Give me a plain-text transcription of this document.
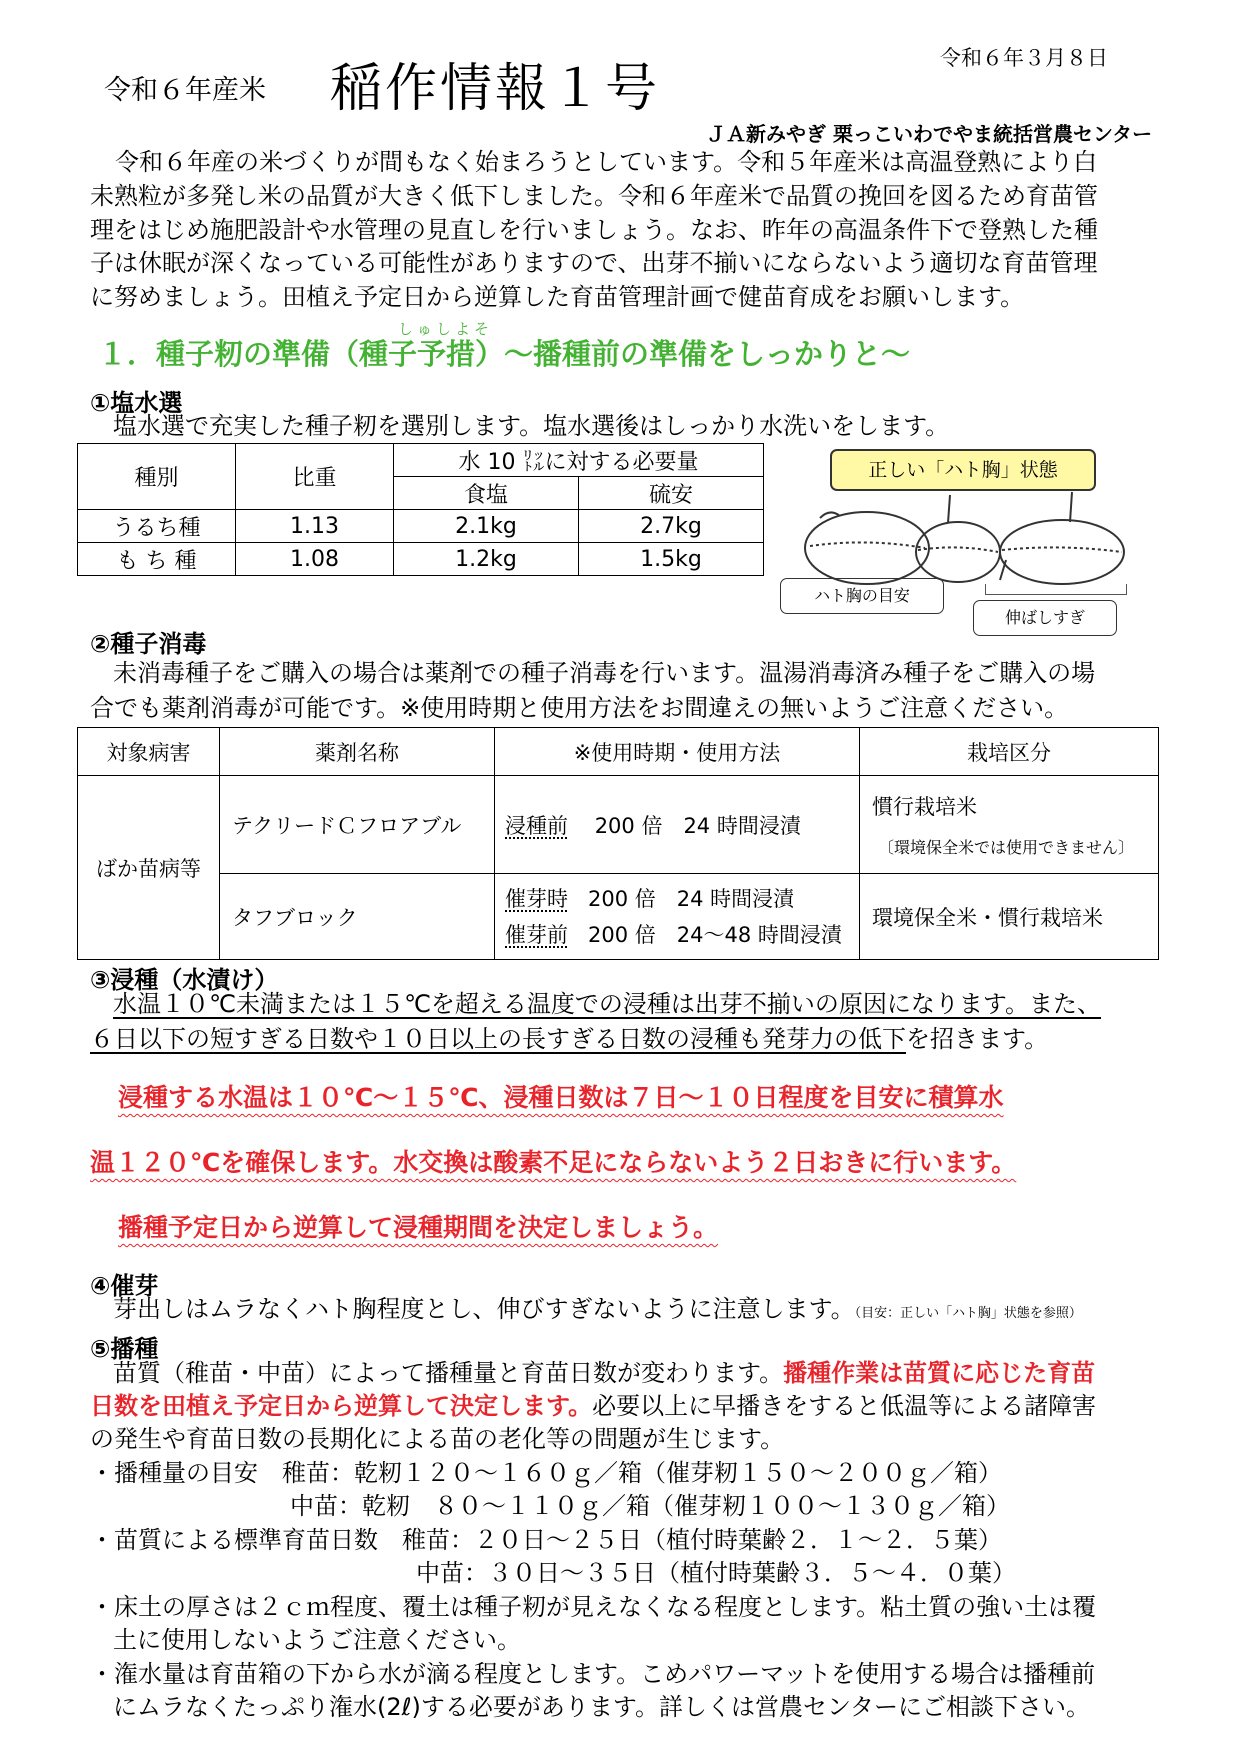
令和６年産米 稲作情報１号
令和６年３月８日
ＪＡ新みやぎ 栗っこいわでやま統括営農センター
令和６年産の米づくりが間もなく始まろうとしています。令和５年産米は高温登熟により白
未熟粒が多発し米の品質が大きく低下しました。令和６年産米で品質の挽回を図るため育苗管
理をはじめ施肥設計や水管理の見直しを行いましょう。なお、昨年の高温条件下で登熟した種
子は休眠が深くなっている可能性がありますので、出芽不揃いにならないよう適切な育苗管理
に努めましょう。田植え予定日から逆算した育苗管理計画で健苗育成をお願いします。
しゅしよそ
１．種子籾の準備（種子予措）～播種前の準備をしっかりと～
①塩水選
塩水選で充実した種子籾を選別します。塩水選後はしっかり水洗いをします。
種別	比重	水 10 ㍑に対する必要量	
		食塩	硫安
うるち種	1.13	2.1kg	2.7kg
も ち 種	1.08	1.2kg	1.5kg
正しい「ハト胸」状態
ハト胸の目安
伸ばしすぎ
②種子消毒
未消毒種子をご購入の場合は薬剤での種子消毒を行います。温湯消毒済み種子をご購入の場
合でも薬剤消毒が可能です。※使用時期と使用方法をお間違えの無いようご注意ください。
対象病害	薬剤名称	※使用時期・使用方法	栽培区分
ばか苗病等	テクリードＣフロアブル	浸種前 200 倍　24 時間浸漬	慣行栽培米
〔環境保全米では使用できません〕

	タフブロック	催芽時 200 倍　24 時間浸漬
催芽前 200 倍　24～48 時間浸漬	環境保全米・慣行栽培米
③浸種（水漬け）
水温１０℃未満または１５℃を超える温度での浸種は出芽不揃いの原因になります。また、
６日以下の短すぎる日数や１０日以上の長すぎる日数の浸種も発芽力の低下を招きます。
浸種する水温は１０℃～１５℃、浸種日数は７日～１０日程度を目安に積算水
温１２０℃を確保します。水交換は酸素不足にならないよう２日おきに行います。
播種予定日から逆算して浸種期間を決定しましょう。
④催芽
芽出しはムラなくハト胸程度とし、伸びすぎないように注意します。（目安：正しい「ハト胸」状態を参照）
⑤播種
苗質（稚苗・中苗）によって播種量と育苗日数が変わります。播種作業は苗質に応じた育苗
日数を田植え予定日から逆算して決定します。必要以上に早播きをすると低温等による諸障害
の発生や育苗日数の長期化による苗の老化等の問題が生じます。
・播種量の目安　稚苗：乾籾１２０～１６０ｇ／箱（催芽籾１５０～２００ｇ／箱）
中苗：乾籾　８０～１１０ｇ／箱（催芽籾１００～１３０ｇ／箱）
・苗質による標準育苗日数　稚苗：２０日～２５日（植付時葉齢２．１～２．５葉）
中苗：３０日～３５日（植付時葉齢３．５～４．０葉）
・床土の厚さは２ｃｍ程度、覆土は種子籾が見えなくなる程度とします。粘土質の強い土は覆
土に使用しないようご注意ください。
・潅水量は育苗箱の下から水が滴る程度とします。こめパワーマットを使用する場合は播種前
にムラなくたっぷり潅水(2ℓ)する必要があります。詳しくは営農センターにご相談下さい。
